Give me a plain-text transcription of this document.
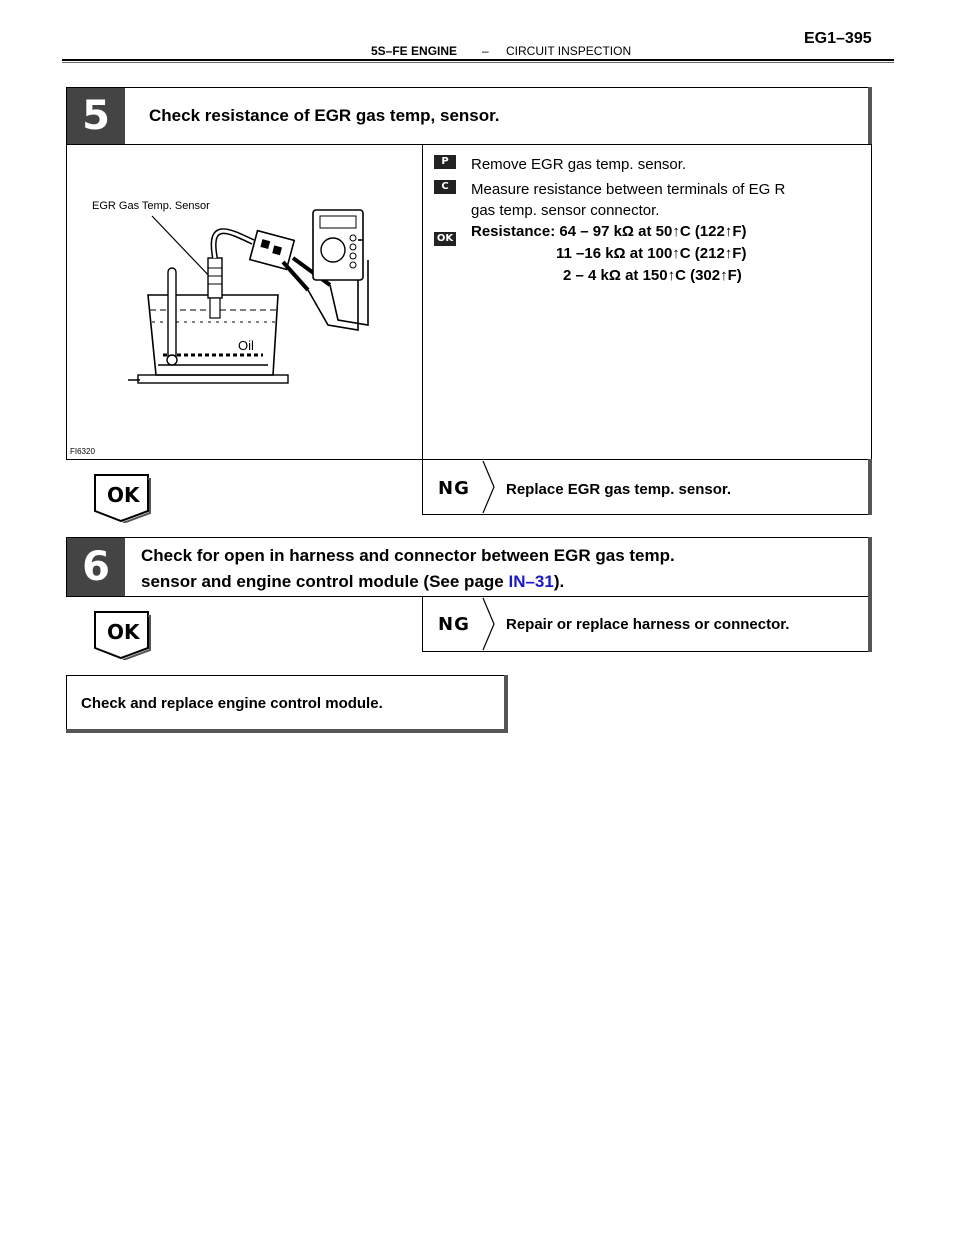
5S–FE ENGINE – CIRCUIT INSPECTION
EG1–395
5	Check resistance of EGR gas temp, sensor.
EGR Gas Temp. Sensor
Oil
FI6320
P	Remove EGR gas temp. sensor.
C	Measure resistance between terminals of EG R
gas temp. sensor connector.
OK Resistance: 64 – 97 kΩ at 50↑C (122↑F)
11 –16 kΩ at 100↑C (212↑F)
2 – 4 kΩ at 150↑C (302↑F)
OK	NG Replace EGR gas temp. sensor.
6	Check for open in harness and connector between EGR gas temp.
sensor and engine control module (See page IN–31).
OK	NG Repair or replace harness or connector.
Check and replace engine control module.
